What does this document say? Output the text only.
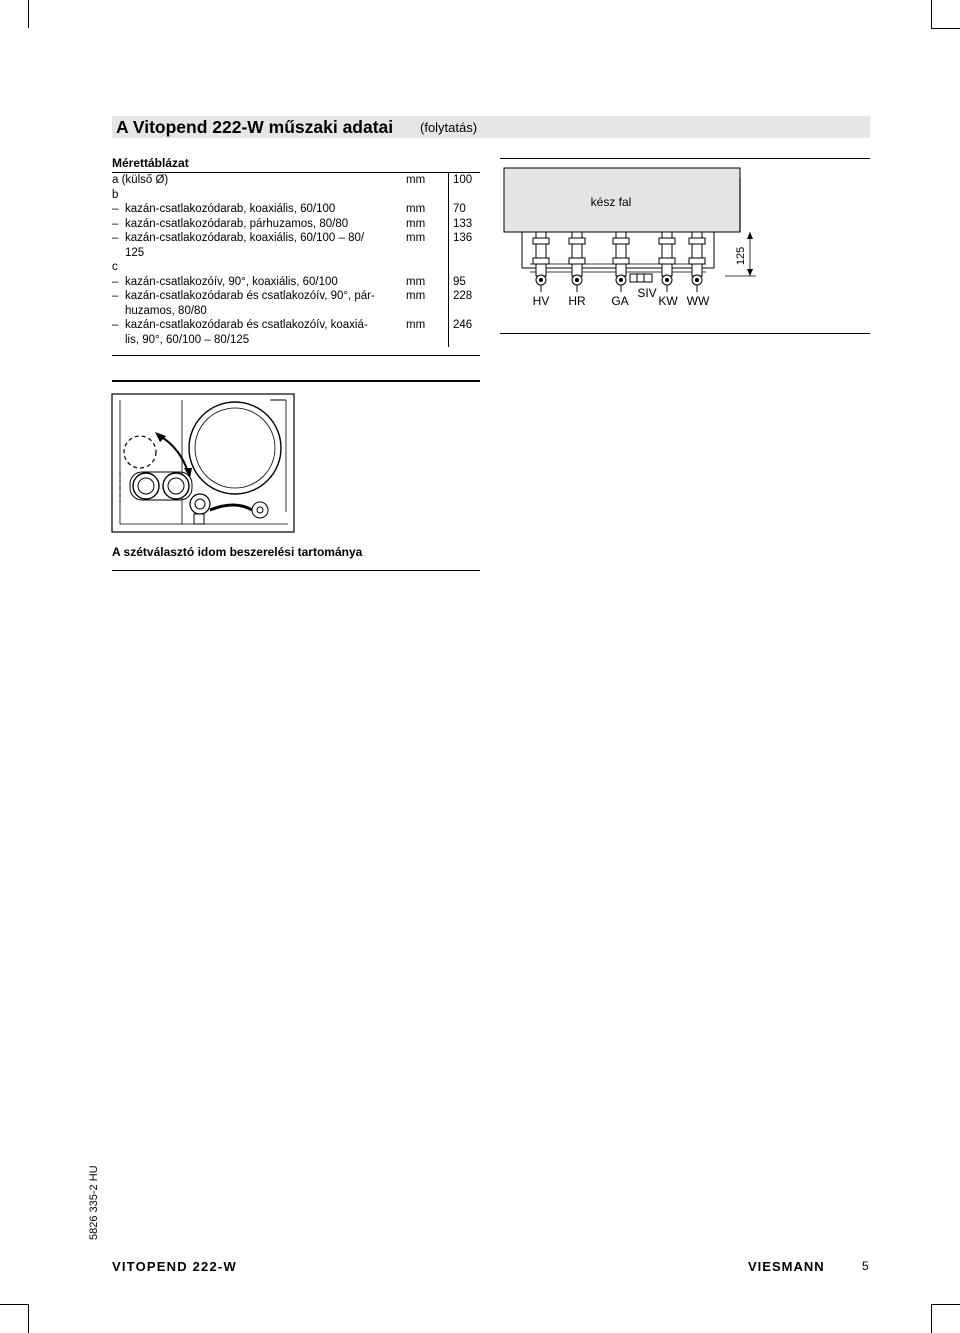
A Vitopend 222-W műszaki adatai (folytatás)
Mérettáblázat
a (külső Ø)	mm	100
b		

– kazán-csatlakozódarab, koaxiális, 60/100	mm	70

– kazán-csatlakozódarab, párhuzamos, 80/80	mm	133

– kazán-csatlakozódarab, koaxiális, 60/100 – 80/	mm	136

125		

c		

– kazán-csatlakozóív, 90°, koaxiális, 60/100	mm	95

– kazán-csatlakozódarab és csatlakozóív, 90°, pár-	mm	228

huzamos, 80/80		

– kazán-csatlakozódarab és csatlakozóív, koaxiá-	mm	246

lis, 90°, 60/100 – 80/125		

kész fal
HV HR GA
SIV
KW WW
125
A szétválasztó idom beszerelési tartománya
5826 335-2 HU
VITOPEND 222-W	VIESMANN	5
